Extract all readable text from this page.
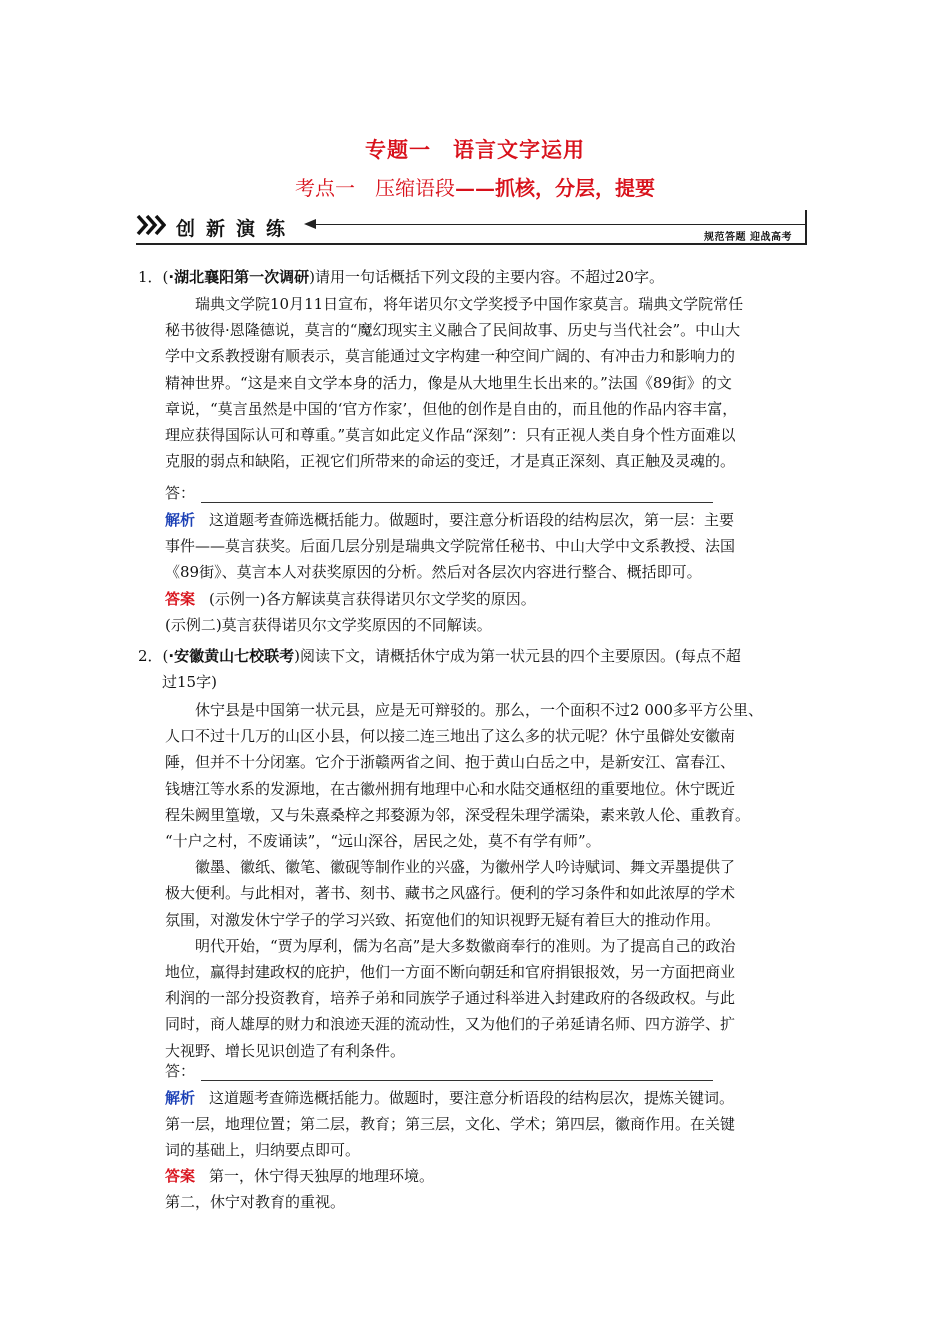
专题一　语言文字运用
考点一　压缩语段——抓核，分层，提要
创新演练	规范答题 迎战高考
1．(·湖北襄阳第一次调研)请用一句话概括下列文段的主要内容。不超过20字。
瑞典文学院10月11日宣布，将年诺贝尔文学奖授予中国作家莫言。瑞典文学院常任
秘书彼得·恩隆德说，莫言的“魔幻现实主义融合了民间故事、历史与当代社会”。中山大
学中文系教授谢有顺表示，莫言能通过文字构建一种空间广阔的、有冲击力和影响力的
精神世界。“这是来自文学本身的活力，像是从大地里生长出来的。”法国《89街》的文
章说，“莫言虽然是中国的‘官方作家’，但他的创作是自由的，而且他的作品内容丰富，
理应获得国际认可和尊重。”莫言如此定义作品“深刻”：只有正视人类自身个性方面难以
克服的弱点和缺陷，正视它们所带来的命运的变迁，才是真正深刻、真正触及灵魂的。
答：
解析 这道题考查筛选概括能力。做题时，要注意分析语段的结构层次，第一层：主要
事件——莫言获奖。后面几层分别是瑞典文学院常任秘书、中山大学中文系教授、法国
《89街》、莫言本人对获奖原因的分析。然后对各层次内容进行整合、概括即可。
答案 (示例一)各方解读莫言获得诺贝尔文学奖的原因。
(示例二)莫言获得诺贝尔文学奖原因的不同解读。
2．(·安徽黄山七校联考)阅读下文，请概括休宁成为第一状元县的四个主要原因。(每点不超
过15字)
休宁县是中国第一状元县，应是无可辩驳的。那么，一个面积不过2 000多平方公里、
人口不过十几万的山区小县，何以接二连三地出了这么多的状元呢？休宁虽僻处安徽南
陲，但并不十分闭塞。它介于浙赣两省之间、抱于黄山白岳之中，是新安江、富春江、
钱塘江等水系的发源地，在古徽州拥有地理中心和水陆交通枢纽的重要地位。休宁既近
程朱阙里篁墩，又与朱熹桑梓之邦婺源为邻，深受程朱理学濡染，素来敦人伦、重教育。
“十户之村，不废诵读”，“远山深谷，居民之处，莫不有学有师”。
徽墨、徽纸、徽笔、徽砚等制作业的兴盛，为徽州学人吟诗赋词、舞文弄墨提供了
极大便利。与此相对，著书、刻书、藏书之风盛行。便利的学习条件和如此浓厚的学术
氛围，对激发休宁学子的学习兴致、拓宽他们的知识视野无疑有着巨大的推动作用。
明代开始，“贾为厚利，儒为名高”是大多数徽商奉行的准则。为了提高自己的政治
地位，赢得封建政权的庇护，他们一方面不断向朝廷和官府捐银报效，另一方面把商业
利润的一部分投资教育，培养子弟和同族学子通过科举进入封建政府的各级政权。与此
同时，商人雄厚的财力和浪迹天涯的流动性，又为他们的子弟延请名师、四方游学、扩
大视野、增长见识创造了有利条件。
答：
解析 这道题考查筛选概括能力。做题时，要注意分析语段的结构层次，提炼关键词。
第一层，地理位置；第二层，教育；第三层，文化、学术；第四层，徽商作用。在关键
词的基础上，归纳要点即可。
答案 第一，休宁得天独厚的地理环境。
第二，休宁对教育的重视。
